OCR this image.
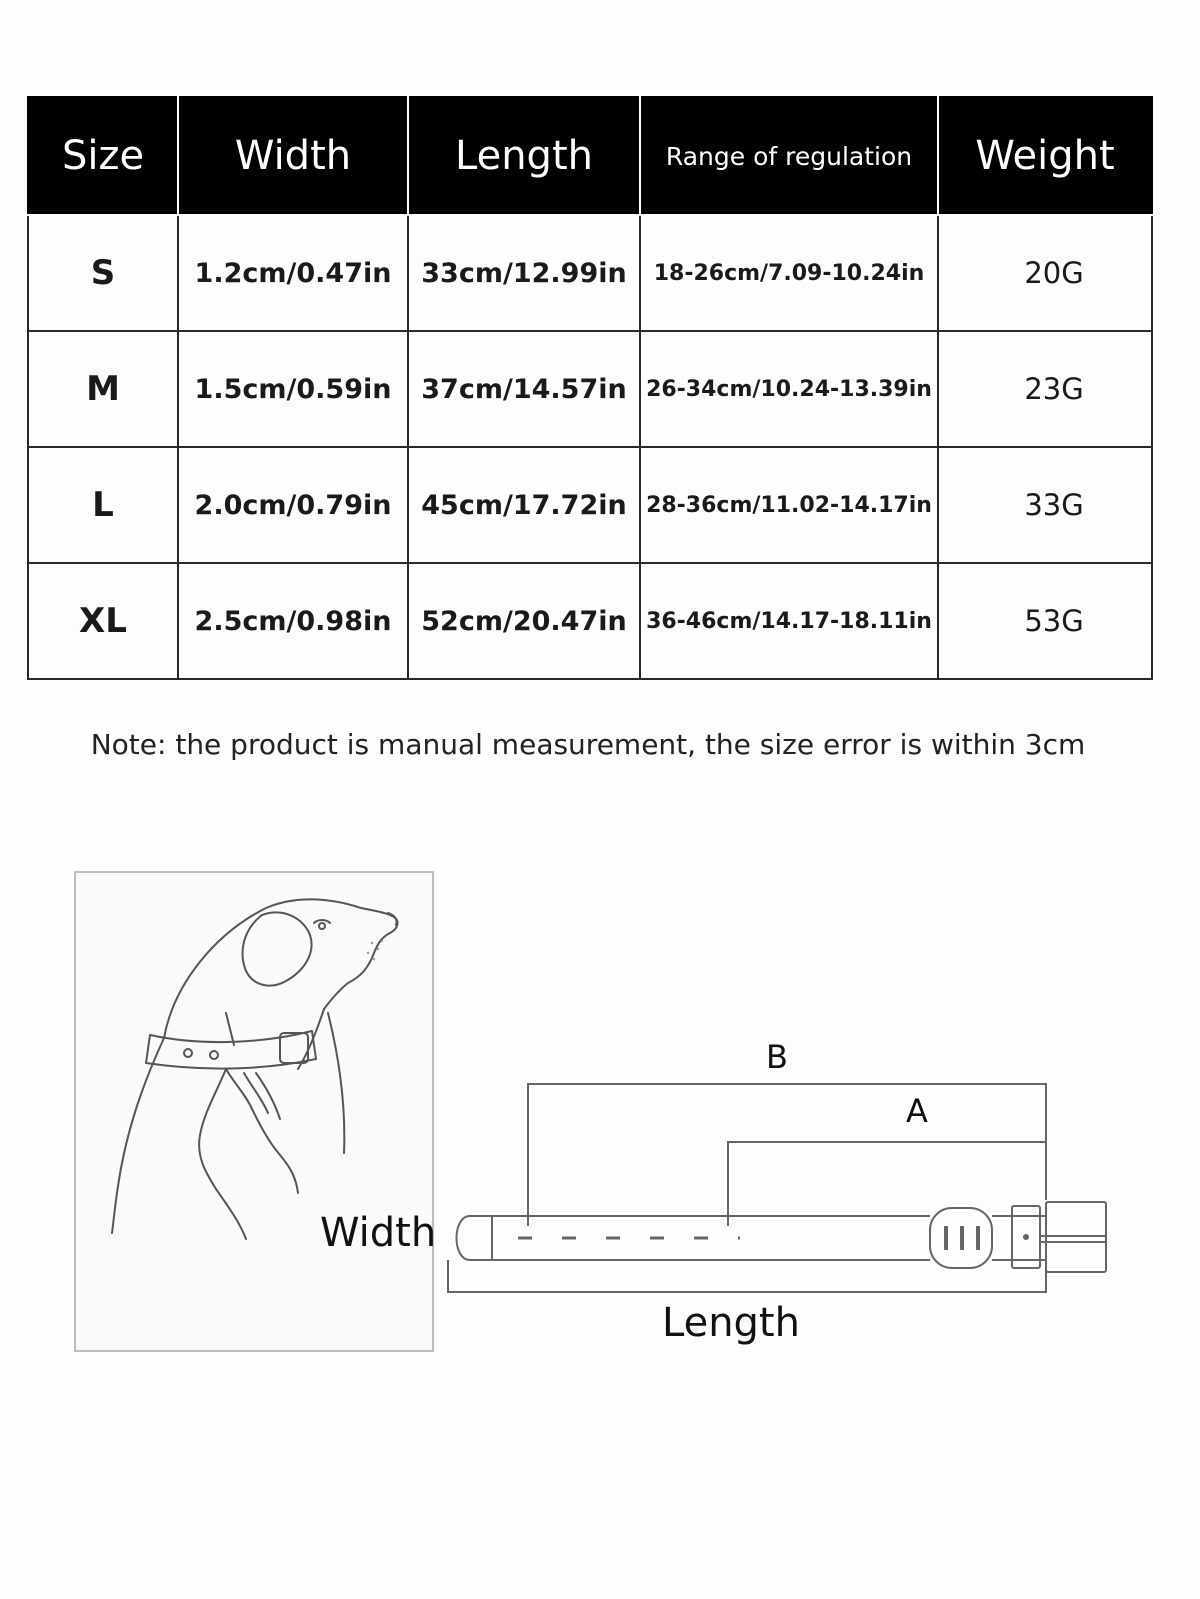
Size	Width	Length	Range of regulation	Weight
S	1.2cm/0.47in	33cm/12.99in	18-26cm/7.09-10.24in	20G
M	1.5cm/0.59in	37cm/14.57in	26-34cm/10.24-13.39in	23G
L	2.0cm/0.79in	45cm/17.72in	28-36cm/11.02-14.17in	33G
XL	2.5cm/0.98in	52cm/20.47in	36-46cm/14.17-18.11in	53G
Note: the product is manual measurement, the size error is within 3cm
Width
Length
B
A
